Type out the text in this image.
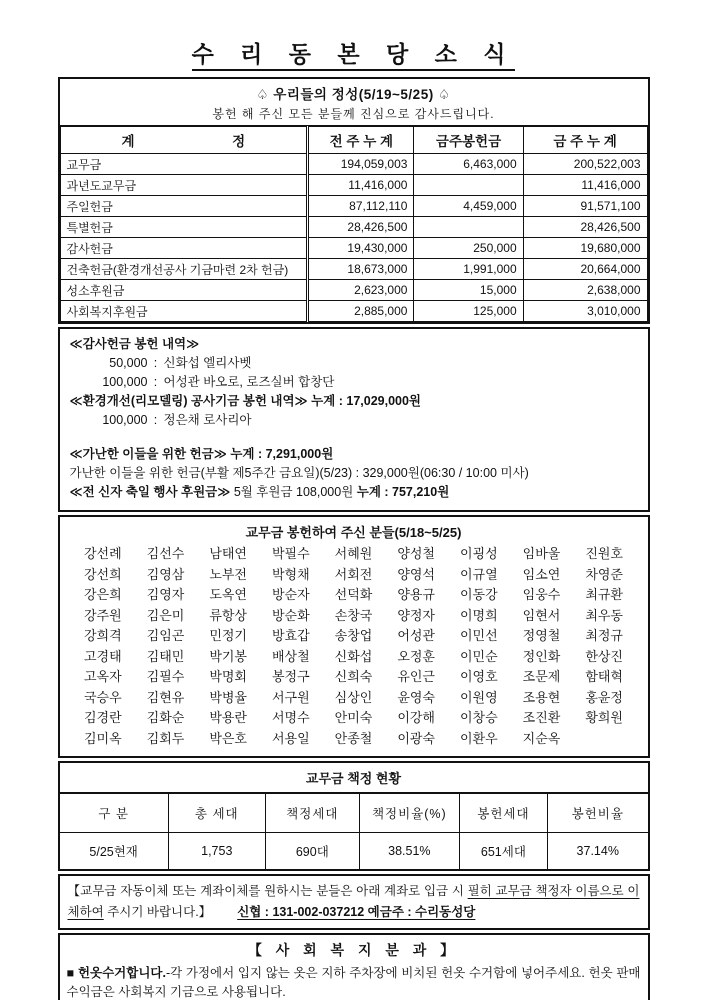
수 리 동 본 당 소 식
♤ 우리들의 정성(5/19~5/25) ♤
봉헌 해 주신 모든 분들께 진심으로 감사드립니다.
계 정	전 주 누 계	금주봉헌금	금 주 누 계
교무금	194,059,003	6,463,000	200,522,003
과년도교무금	11,416,000		11,416,000
주일헌금	87,112,110	4,459,000	91,571,100
특별헌금	28,426,500		28,426,500
감사헌금	19,430,000	250,000	19,680,000
건축헌금(환경개선공사 기금마련 2차 헌금)	18,673,000	1,991,000	20,664,000
성소후원금	2,623,000	15,000	2,638,000
사회복지후원금	2,885,000	125,000	3,010,000
≪감사헌금 봉헌 내역≫
50,000 : 신화섭 엘리사벳
100,000 : 어성관 바오로, 로즈실버 합창단
≪환경개선(리모델링) 공사기금 봉헌 내역≫ 누계 : 17,029,000원
100,000 : 정은채 로사리아
≪가난한 이들을 위한 헌금≫ 누계 : 7,291,000원
가난한 이들을 위한 헌금(부활 제5주간 금요일)(5/23) : 329,000원(06:30 / 10:00 미사)
≪전 신자 축일 행사 후원금≫ 5월 후원금 108,000원 누계 : 757,210원
교무금 봉헌하여 주신 분들(5/18~5/25)
강선례	김선수	남태연	박필수	서혜원	양성철	이굉성	임바울	진원호
강선희	김영삼	노부전	박형채	서회전	양영석	이규열	임소연	차영준
강은희	김영자	도옥연	방순자	선덕화	양용규	이동강	임웅수	최규환
강주원	김은미	류항상	방순화	손창국	양정자	이명희	임현서	최우동
강희격	김임곤	민정기	방효갑	송창업	어성관	이민선	정영철	최정규
고경태	김태민	박기봉	배상철	신화섭	오정훈	이민순	정인화	한상진
고옥자	김필수	박명회	봉정구	신희숙	유인근	이영호	조문제	함태혁
국승우	김현유	박병율	서구원	심상인	윤영숙	이원영	조용현	홍윤정
김경란	김화순	박용란	서명수	안미숙	이강해	이창승	조진환	황희원
김미옥	김회두	박은호	서용일	안종철	이광숙	이환우	지순옥
교무금 책정 현황
구 분	총 세대	책정세대	책정비율(%)	봉헌세대	봉헌비율
5/25현재	1,753	690대	38.51%	651세대	37.14%
【교무금 자동이체 또는 계좌이체를 원하시는 분들은 아래 계좌로 입금 시 필히 교무금 책정자 이름으로 이체하여 주시기 바랍니다.】 신협 : 131-002-037212 예금주 : 수리동성당
【 사 회 복 지 분 과 】
■ 헌옷수거합니다.-각 가정에서 입지 않는 옷은 지하 주차장에 비치된 헌옷 수거함에 넣어주세요. 헌옷 판매 수익금은 사회복지 기금으로 사용됩니다.
